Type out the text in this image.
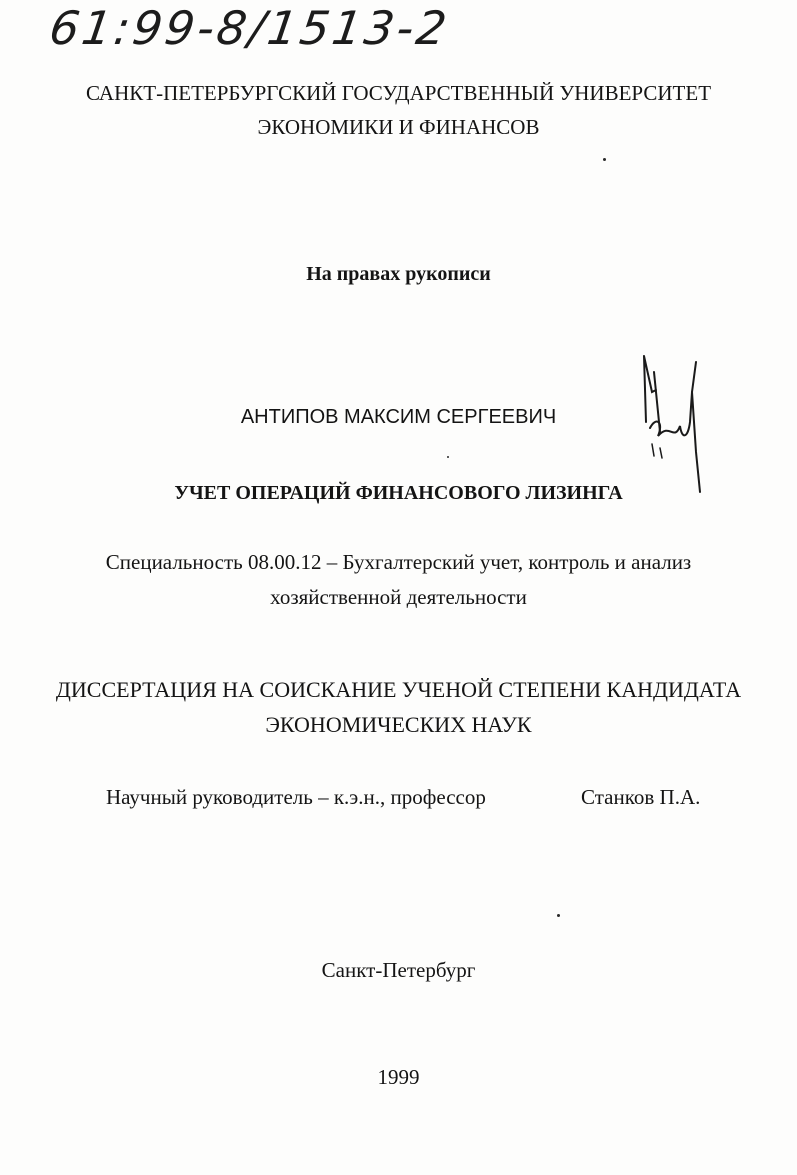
61:99-8/1513-2
САНКТ-ПЕТЕРБУРГСКИЙ ГОСУДАРСТВЕННЫЙ УНИВЕРСИТЕТ
ЭКОНОМИКИ И ФИНАНСОВ
На правах рукописи
АНТИПОВ МАКСИМ СЕРГЕЕВИЧ
УЧЕТ ОПЕРАЦИЙ ФИНАНСОВОГО ЛИЗИНГА
Специальность 08.00.12 – Бухгалтерский учет, контроль и анализ
хозяйственной деятельности
ДИССЕРТАЦИЯ НА СОИСКАНИЕ УЧЕНОЙ СТЕПЕНИ КАНДИДАТА
ЭКОНОМИЧЕСКИХ НАУК
Научный руководитель – к.э.н., профессор	Станков П.А.
Санкт-Петербург
1999
